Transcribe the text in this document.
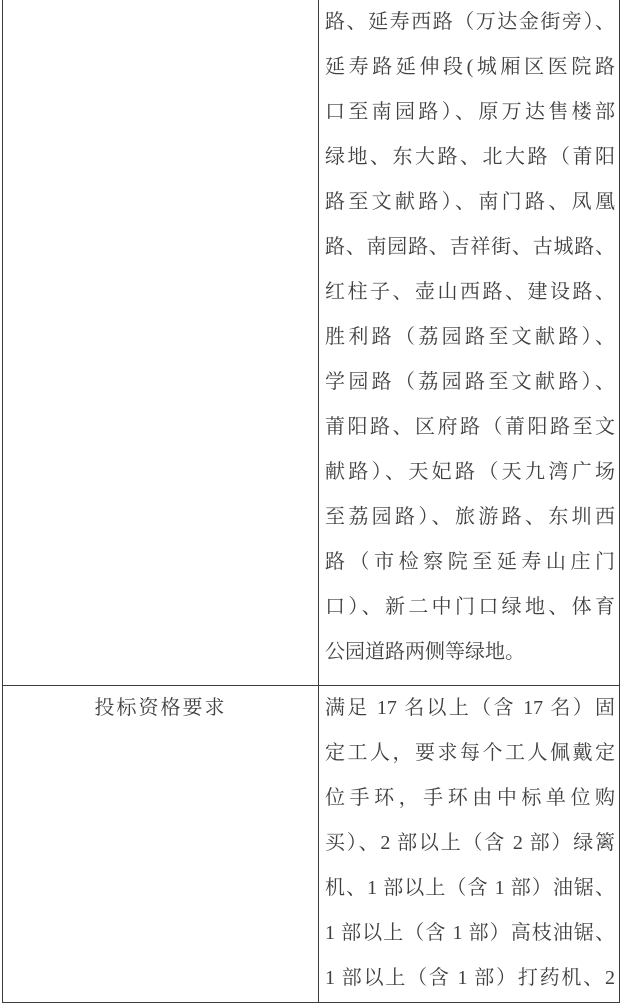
路、延寿西路（万达金街旁）、
延寿路延伸段(城厢区医院路
口至南园路）、原万达售楼部
绿地、东大路、北大路（莆阳
路至文献路）、南门路、凤凰
路、南园路、吉祥街、古城路、
红柱子、壶山西路、建设路、
胜利路（荔园路至文献路）、
学园路（荔园路至文献路）、
莆阳路、区府路（莆阳路至文
献路）、天妃路（天九湾广场
至荔园路）、旅游路、东圳西
路（市检察院至延寿山庄门
口）、新二中门口绿地、体育
公园道路两侧等绿地。
投标资格要求	满足 17 名以上（含 17 名）固
定工人，要求每个工人佩戴定
位手环，手环由中标单位购
买）、2 部以上（含 2 部）绿篱
机、1 部以上（含 1 部）油锯、
1 部以上（含 1 部）高枝油锯、
1 部以上（含 1 部）打药机、2
